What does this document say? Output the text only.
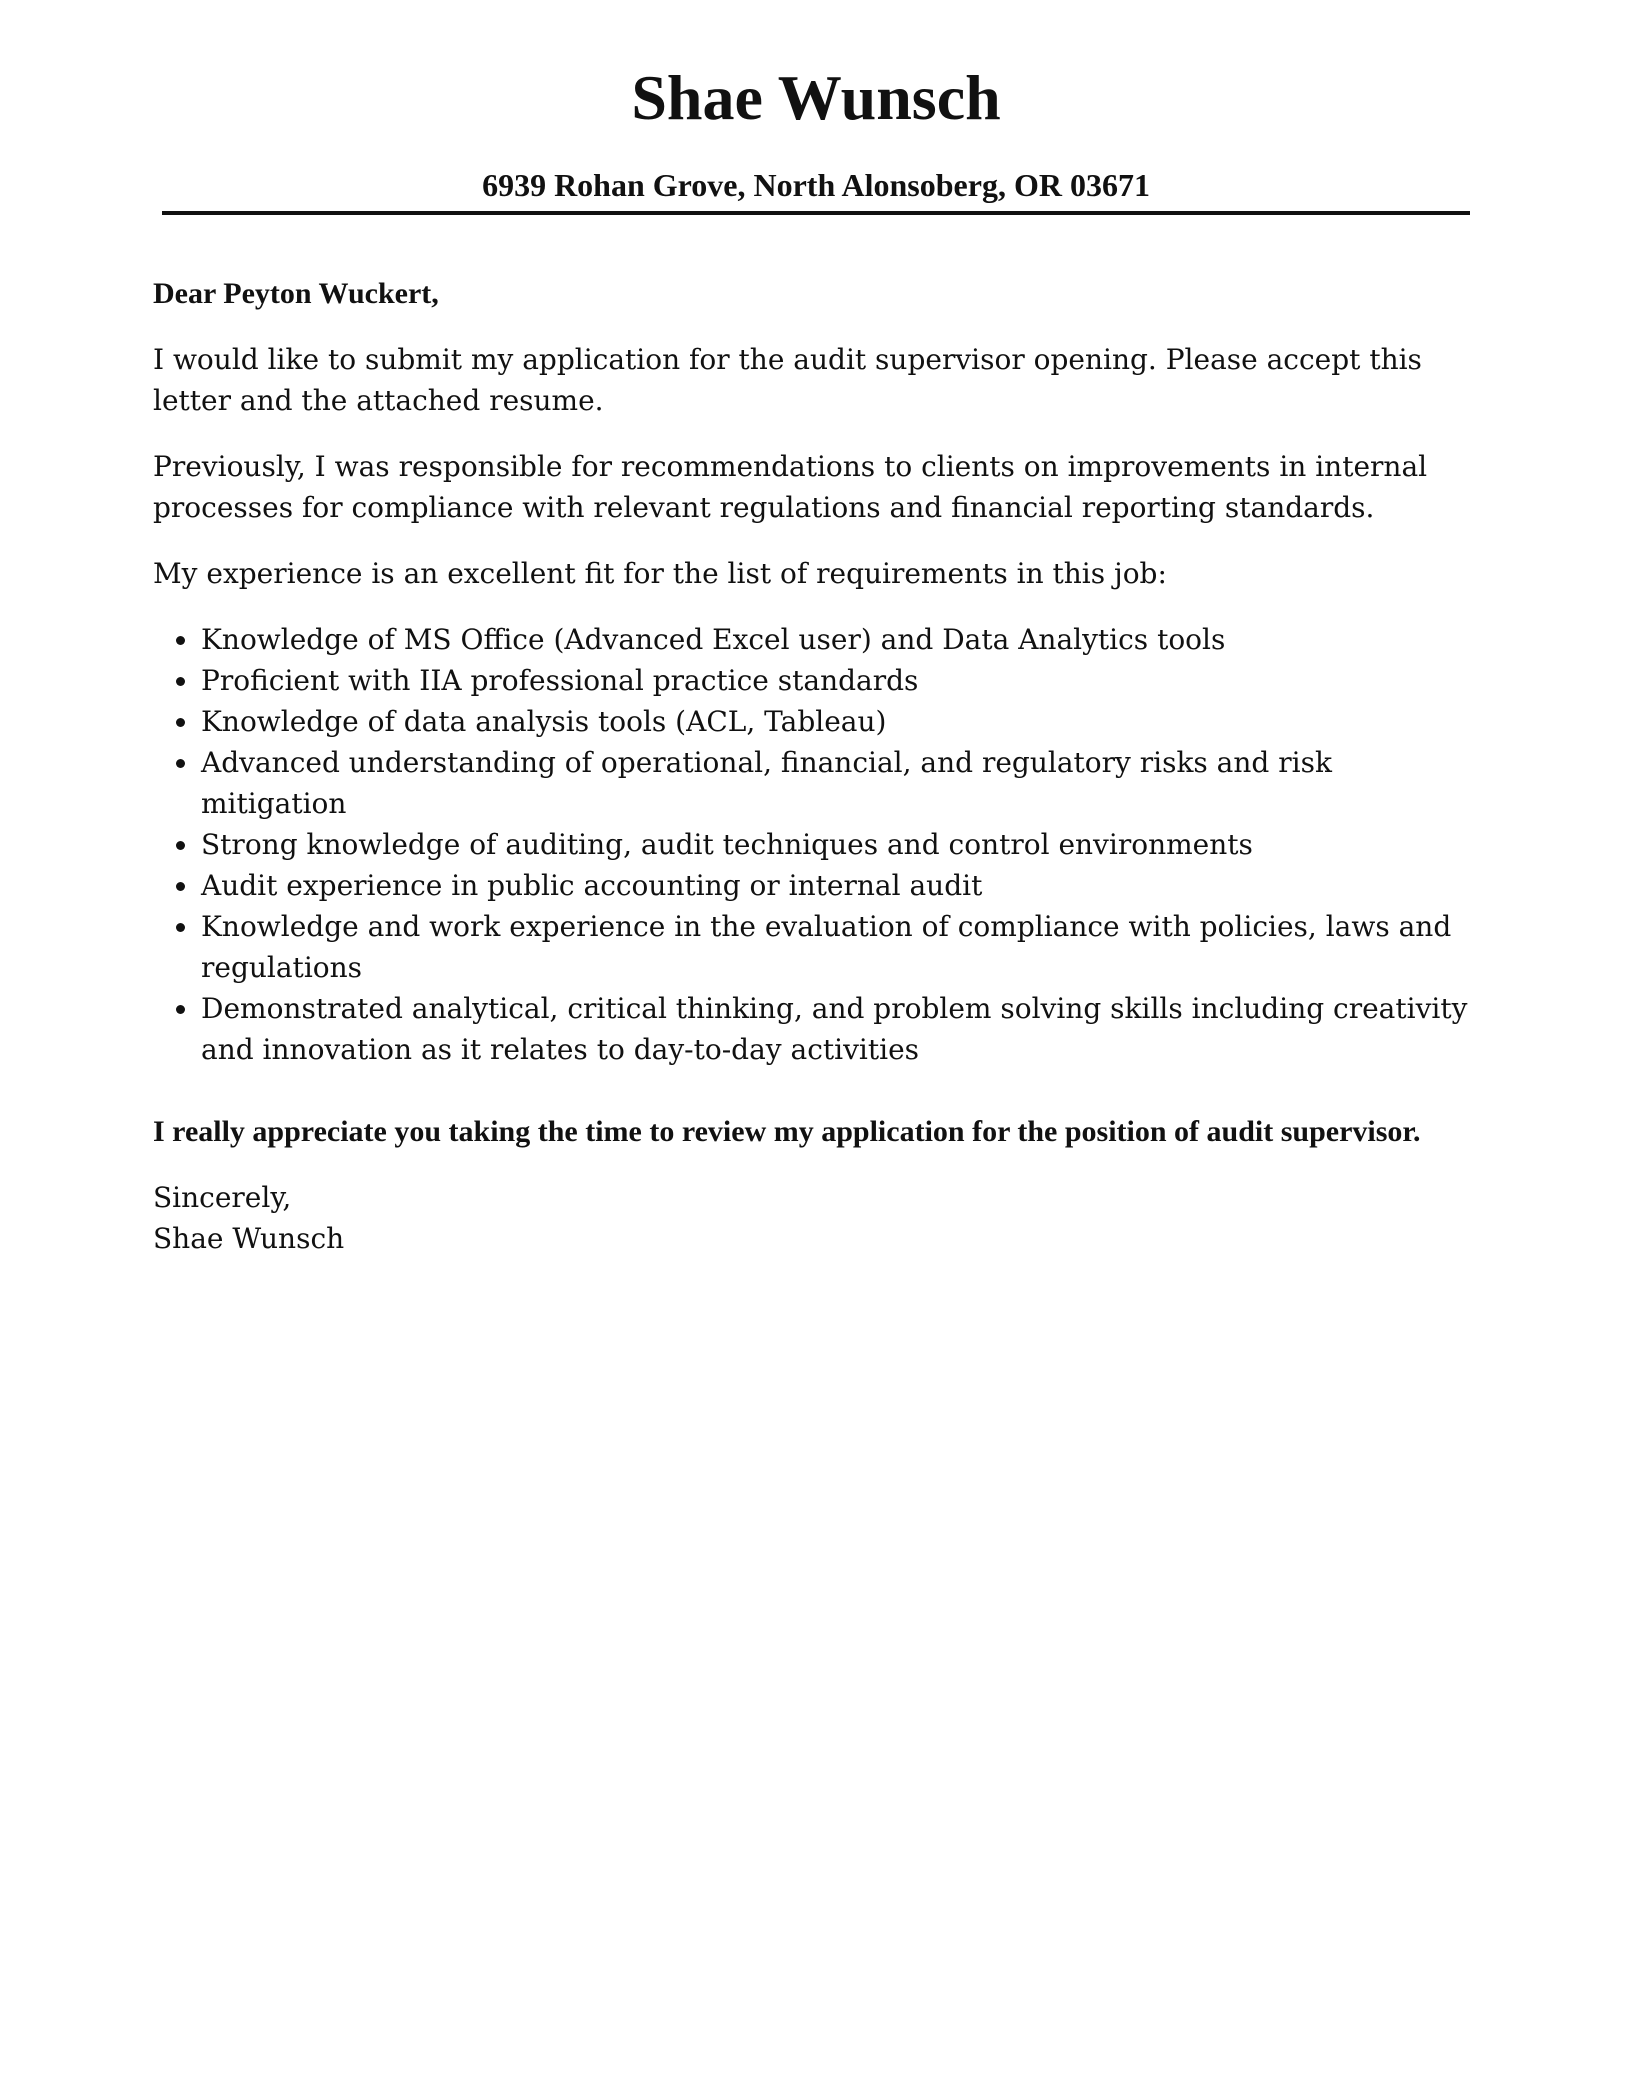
Shae Wunsch
6939 Rohan Grove, North Alonsoberg, OR 03671
Dear Peyton Wuckert,
I would like to submit my application for the audit supervisor opening. Please accept this letter and the attached resume.
Previously, I was responsible for recommendations to clients on improvements in internal processes for compliance with relevant regulations and financial reporting standards.
My experience is an excellent fit for the list of requirements in this job:
Knowledge of MS Office (Advanced Excel user) and Data Analytics tools
Proficient with IIA professional practice standards
Knowledge of data analysis tools (ACL, Tableau)
Advanced understanding of operational, financial, and regulatory risks and risk mitigation
Strong knowledge of auditing, audit techniques and control environments
Audit experience in public accounting or internal audit
Knowledge and work experience in the evaluation of compliance with policies, laws and regulations
Demonstrated analytical, critical thinking, and problem solving skills including creativity and innovation as it relates to day-to-day activities
I really appreciate you taking the time to review my application for the position of audit supervisor.
Sincerely,
Shae Wunsch
